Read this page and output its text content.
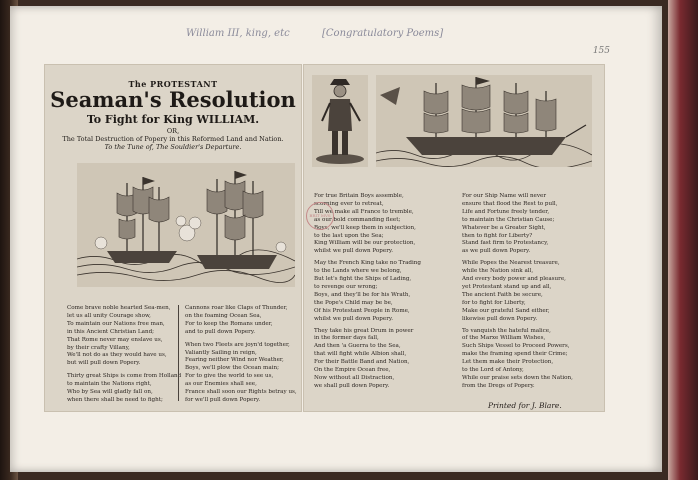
William III, king, etc	[Congratulatory Poems]
155
The PROTESTANT
Seaman's Resolution
To Fight for King WILLIAM.
OR,
The Total Destruction of Popery in this Reformed Land and Nation.
To the Tune of, The Souldier's Departure.
Come brave noble hearted Sea-men,
let us all unity Courage show,
To maintain our Nations free man,
in this Ancient Christian Land;
That Rome never may enslave us,
by their crafty Villany,
We'll not do as they would have us,
but will pull down Popery.
Thirty great Ships is come from Holland
to maintain the Nations right,
Who by Sea will gladly fall on,
when there shall be need to fight;
Cannons roar like Claps of Thunder,
on the foaming Ocean Sea,
For to keep the Romans under,
and to pull down Popery.
When two Fleets are joyn'd together,
Valiantly Sailing in reign,
Fearing neither Wind nor Weather,
Boys, we'll plow the Ocean main;
For to give the world to see us,
as our Enemies shall see,
France shall soon our Rights betray us,
for we'll pull down Popery.
For true Britain Boys assemble,
scorning ever to retreat,
Till we make all France to tremble,
as our bold commanding fleet;
Boys, we'll keep them in subjection,
to the last upon the Sea;
King William will be our protection,
whilst we pull down Popery.
May the French King take no Trading
to the Lands where we belong,
But let's fight the Ships of Lading,
to revenge our wrong;
Boys, and they'll be for his Wrath,
the Pope's Child may be be,
Of his Protestant People in Rome,
whilst we pull down Popery.
They take his great Drum in power
in the former days fall,
And then 'a Guerra to the Sea,
that will fight while Albion shall,
For their Battle Band and Nation,
On the Empire Ocean free,
Now without all Distraction,
we shall pull down Popery.
For our Ship Name will never
ensure that flood the Rest to pull,
Life and Fortune freely tender,
to maintain the Christian Cause;
Whatever be a Greater Sight,
then to fight for Liberty?
Stand fast firm to Protestancy,
as we pull down Popery.
While Popes the Nearest treasure,
while the Nation sink all,
And every body power and pleasure,
yet Protestant stand up and all,
The ancient Faith be secure,
for to fight for Liberty,
Make our grateful Sand either,
likewise pull down Popery.
To vanquish the hateful malice,
of the Marxe William Wishes,
Such Ships Vessel to Proceed Powers,
make the framing spend their Crime;
Let them make their Protection,
to the Lord of Antony,
While our praise sets down the Nation,
from the Dregs of Popery.
Printed for J. Blare.
BRIT MVS
